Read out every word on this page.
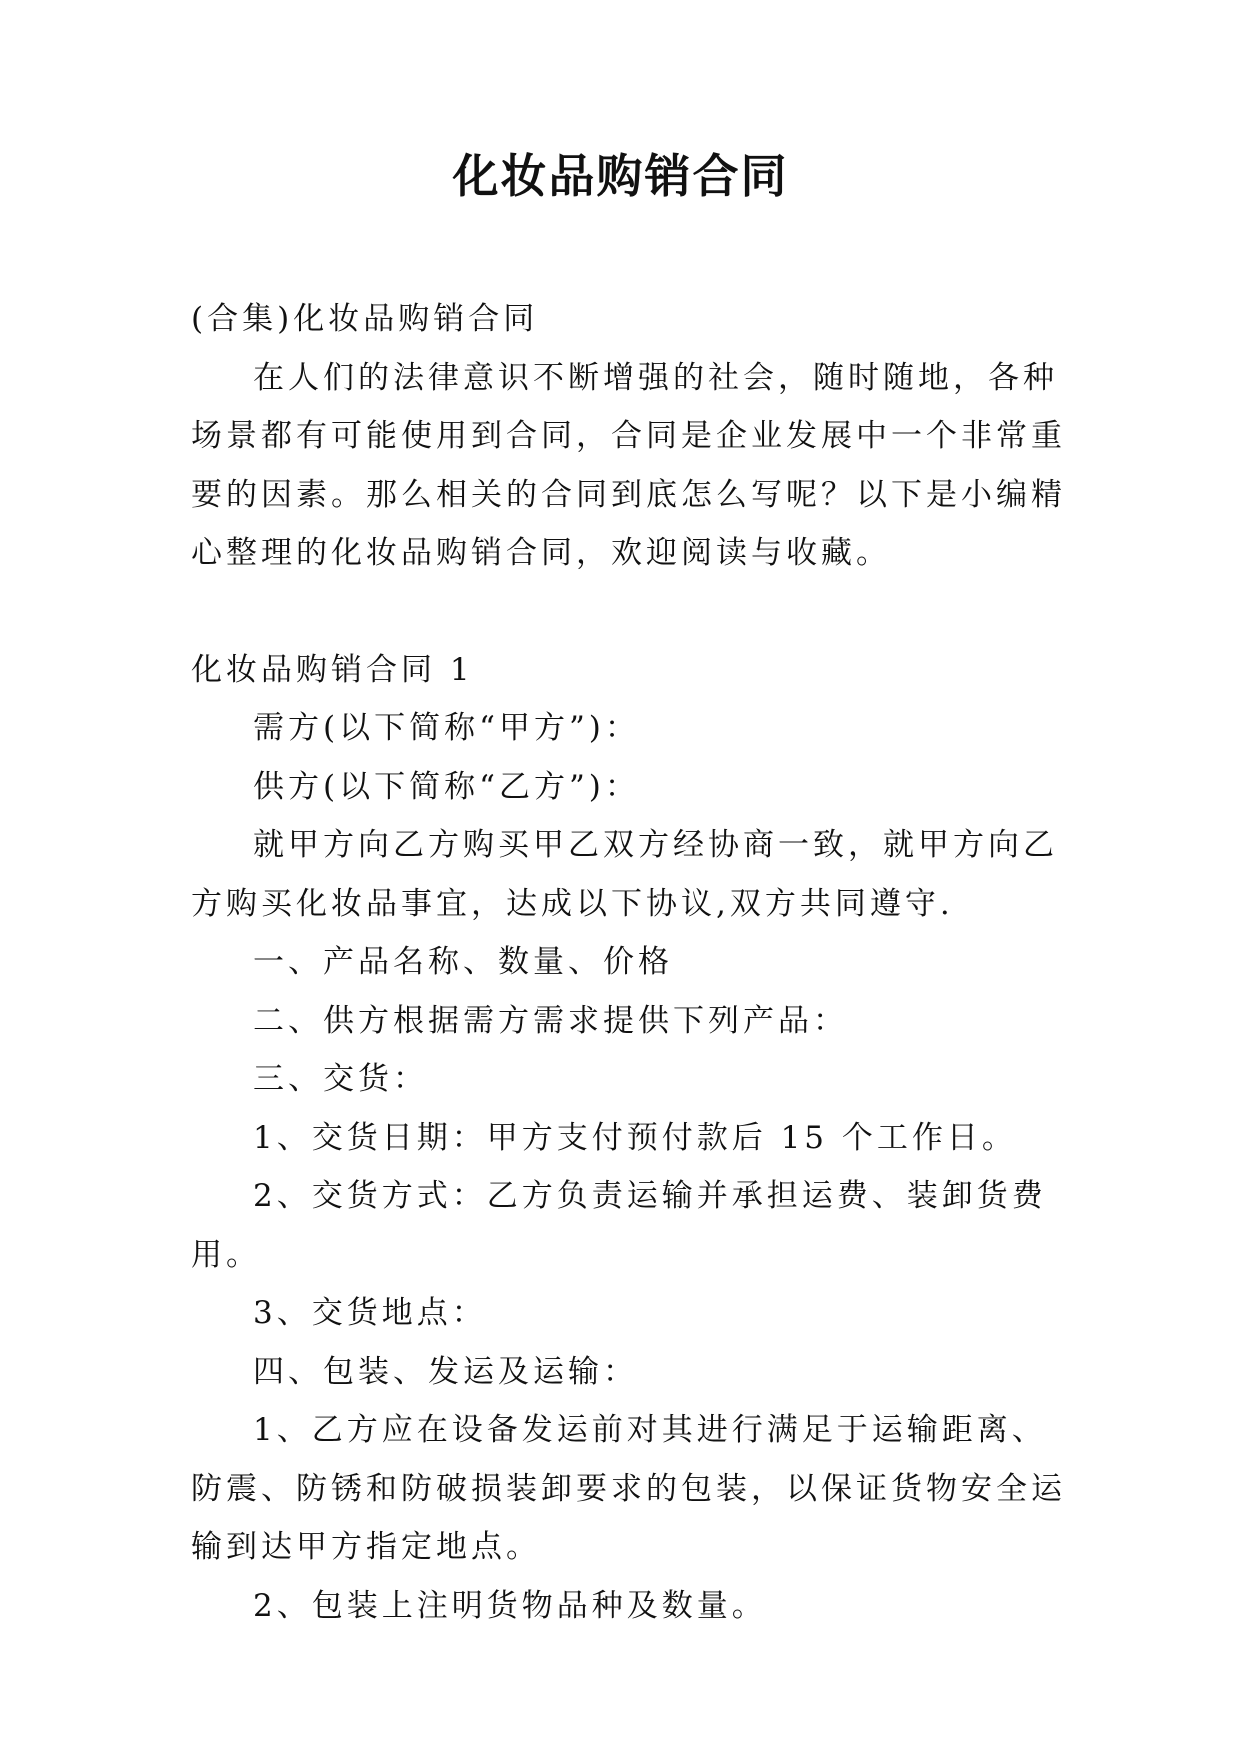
化妆品购销合同

(合集)化妆品购销合同

在人们的法律意识不断增强的社会，随时随地，各种场景都有可能使用到合同，合同是企业发展中一个非常重要的因素。那么相关的合同到底怎么写呢？以下是小编精心整理的化妆品购销合同，欢迎阅读与收藏。

化妆品购销合同 1

需方(以下简称“甲方”)：

供方(以下简称“乙方”)：

就甲方向乙方购买甲乙双方经协商一致，就甲方向乙方购买化妆品事宜，达成以下协议,双方共同遵守.

一、产品名称、数量、价格

二、供方根据需方需求提供下列产品：

三、交货：

1、交货日期：甲方支付预付款后 15 个工作日。

2、交货方式：乙方负责运输并承担运费、装卸货费用。

3、交货地点：

四、包装、发运及运输：

1、乙方应在设备发运前对其进行满足于运输距离、防震、防锈和防破损装卸要求的包装，以保证货物安全运输到达甲方指定地点。

2、包装上注明货物品种及数量。
